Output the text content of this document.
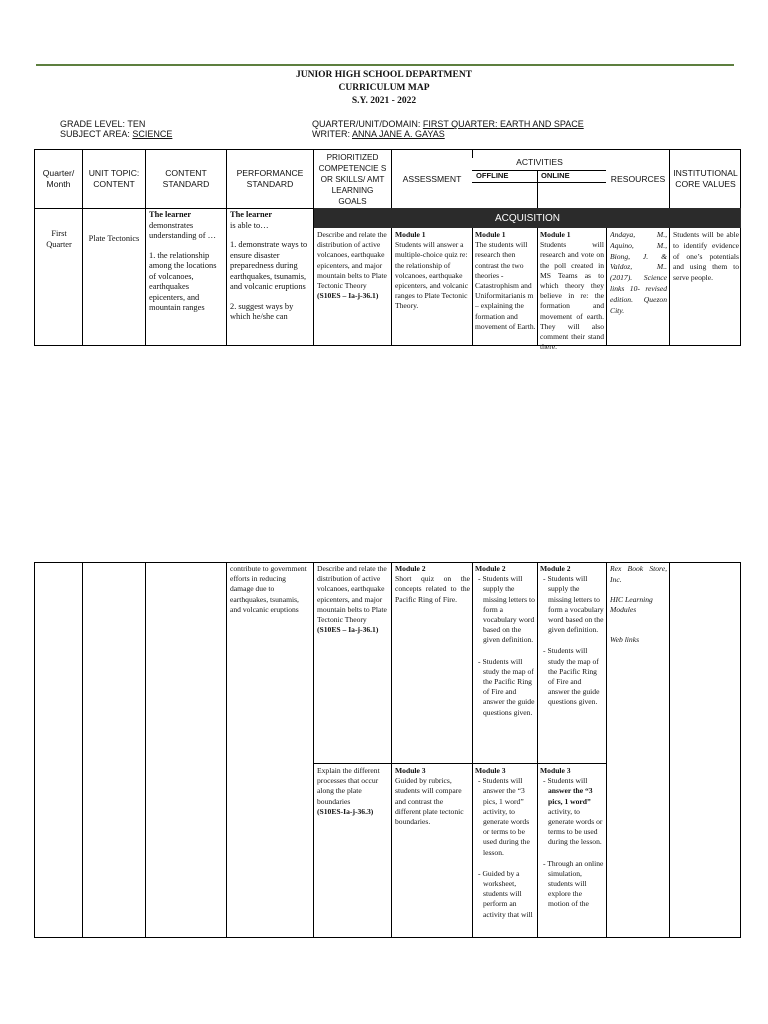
JUNIOR HIGH SCHOOL DEPARTMENT
CURRICULUM MAP
S.Y. 2021 - 2022
GRADE LEVEL: TEN
SUBJECT AREA: SCIENCE
QUARTER/UNIT/DOMAIN: FIRST QUARTER: EARTH AND SPACE
WRITER: ANNA JANE A. GAYAS
Quarter/ Month
UNIT TOPIC: CONTENT
CONTENT STANDARD
PERFORMANCE STANDARD
PRIORITIZED COMPETENCIE S OR SKILLS/ AMT LEARNING GOALS
ASSESSMENT
ACTIVITIES
OFFLINE	ONLINE	RESOURCES
INSTITUTIONAL CORE VALUES
ACQUISITION
First Quarter
Plate Tectonics

The learner

demonstrates understanding of …

1. the relationship among the locations of volcanoes, earthquakes epicenters, and mountain ranges

The learner

is able to…

1. demonstrate ways to ensure disaster preparedness during earthquakes, tsunamis, and volcanic eruptions

2. suggest ways by which he/she can

Describe and relate the distribution of active volcanoes, earthquake epicenters, and major mountain belts to Plate Tectonic Theory

(S10ES – Ia-j-36.1)

Module 1

Students will answer a multiple-choice quiz re: the relationship of volcanoes, earthquake epicenters, and volcanic ranges to Plate Tectonic Theory.

Module 1

The students will research then contrast the two theories - Catastrophism and Uniformitarianis m – explaining the formation and movement of Earth.

Module 1

Students will research and vote on the poll created in MS Teams as to which theory they believe in re: the formation and movement of earth. They will also comment their stand there.

Andaya, M., Aquino, M., Biong, J. & Valdoz, M.. (2017). Science links 10- revised edition. Quezon City.
Students will be able to identify evidence of one’s potentials and using them to serve people.
contribute to government efforts in reducing damage due to earthquakes, tsunamis, and volcanic eruptions

Describe and relate the distribution of active volcanoes, earthquake epicenters, and major mountain belts to Plate Tectonic Theory

(S10ES – Ia-j-36.1)

Module 2

Short quiz on the concepts related to the Pacific Ring of Fire.

Module 2

- Students will supply the missing letters to form a vocabulary word based on the given definition.

- Students will study the map of the Pacific Ring of Fire and answer the guide questions given.

Module 2

- Students will supply the missing letters to form a vocabulary word based on the given definition.

- Students will study the map of the Pacific Ring of Fire and answer the guide questions given.

Rex Book Store, Inc.

HIC Learning Modules

Web links

Explain the different processes that occur along the plate boundaries

(S10ES-Ia-j-36.3)

Module 3

Guided by rubrics, students will compare and contrast the different plate tectonic boundaries.

Module 3

- Students will answer the “3 pics, 1 word” activity, to generate words or terms to be used during the lesson.

- Guided by a worksheet, students will perform an activity that will

Module 3

- Students will answer the “3 pics, 1 word” activity, to generate words or terms to be used during the lesson.

- Through an online simulation, students will explore the motion of the
